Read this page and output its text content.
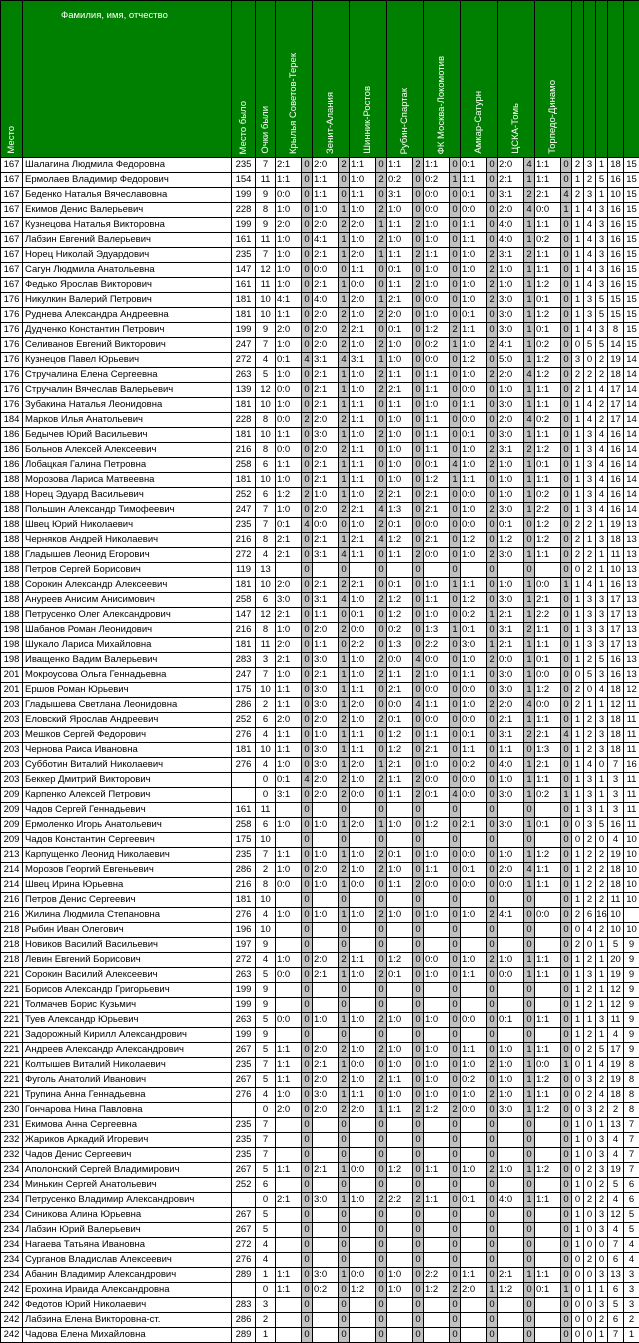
Место	Фамилия, имя, отчество	Место было	Очки были	Крылья Советов-Терек		Зенит-Алания		Шинник-Ростов		Рубин-Спартак		ФК Москва-Локомотив		Амкар-Сатурн		ЦСКА-Томь		Торпедо-Динамо						

167	Шалагина Людмила Федоровна	235	7	2:1	0	2:0	2	1:1	0	1:1	2	1:1	0	0:1	0	2:0	4	1:1	0	2	3	1	18	15
167	Ермолаев Владимир Федорович	154	11	1:1	0	1:1	0	1:0	2	0:2	0	0:2	1	1:1	0	2:1	1	1:1	0	1	2	5	16	15
167	Беденко Наталья Вячеславовна	199	9	0:0	0	1:1	0	1:1	0	3:1	0	0:0	0	0:1	0	3:1	2	2:1	4	2	3	1	10	15
167	Екимов Денис Валерьевич	228	8	1:0	0	1:0	1	1:0	2	1:0	0	0:0	0	0:0	0	2:0	4	0:0	1	1	4	3	16	15
167	Кузнецова Наталья Викторовна	199	9	2:0	0	2:0	2	2:0	1	1:1	2	1:0	0	1:1	0	4:0	1	1:1	0	1	4	3	16	15
167	Лабзин Евгений Валерьевич	161	11	1:0	0	4:1	1	1:0	2	1:0	0	1:0	0	1:1	0	4:0	1	0:2	0	1	4	3	16	15
167	Норец Николай Эдуардович	235	7	1:0	0	2:1	1	2:0	1	1:1	2	1:1	0	1:0	2	3:1	2	1:1	0	1	4	3	16	15
167	Сагун Людмила Анатольевна	147	12	1:0	0	0:0	0	1:1	0	0:1	0	1:0	0	1:0	2	1:0	1	1:1	0	1	4	3	16	15
167	Федько Ярослав Викторович	161	11	1:0	0	2:1	1	0:0	0	1:1	2	1:0	0	1:0	2	1:0	1	1:2	0	1	4	3	16	15
176	Никулкин Валерий Петрович	181	10	4:1	0	4:0	1	2:0	1	2:1	0	0:0	0	1:0	2	3:0	1	0:1	0	1	3	5	15	15
176	Руднева Александра Андреевна	181	10	1:1	0	2:0	2	1:0	2	2:0	0	1:0	0	0:1	0	3:0	1	1:2	0	1	3	5	15	15
176	Дудченко Константин Петрович	199	9	2:0	0	2:0	2	2:1	0	0:1	0	1:2	2	1:1	0	3:0	1	0:1	0	1	4	3	8	15
176	Селиванов Евгений Викторович	247	7	1:0	0	2:0	2	1:0	2	1:0	0	0:2	1	1:0	2	4:1	1	0:2	0	0	5	5	14	15
176	Кузнецов Павел Юрьевич	272	4	0:1	4	3:1	4	3:1	1	1:0	0	0:0	0	1:2	0	5:0	1	1:2	0	3	0	2	19	14
176	Стручалина Елена Сергеевна	263	5	1:0	0	2:1	1	1:0	2	1:1	0	1:1	0	1:0	2	2:0	4	1:2	0	2	2	2	18	14
176	Стручалин Вячеслав Валерьевич	139	12	0:0	0	2:1	1	1:0	2	2:1	0	1:1	0	0:0	0	1:0	1	1:1	0	2	1	4	17	14
176	Зубакина Наталья Леонидовна	181	10	1:0	0	2:1	1	1:1	0	1:1	0	1:0	0	1:1	0	3:0	1	1:1	0	1	4	2	17	14
184	Марков Илья Анатольевич	228	8	0:0	2	2:0	2	1:1	0	1:0	0	1:1	0	0:0	0	2:0	4	0:2	0	1	4	2	17	14
186	Бедычев Юрий Васильевич	181	10	1:1	0	3:0	1	1:0	2	1:0	0	1:1	0	0:1	0	3:0	1	1:1	0	1	3	4	16	14
186	Больнов Алексей Алексеевич	216	8	0:0	0	2:0	2	1:1	0	1:0	0	1:1	0	1:0	2	3:1	2	1:2	0	1	3	4	16	14
186	Лобацкая Галина Петровна	258	6	1:1	0	2:1	1	1:1	0	1:0	0	0:1	4	1:0	2	1:0	1	0:1	0	1	3	4	16	14
188	Морозова Лариса Матвеевна	181	10	1:0	0	2:1	1	1:1	0	1:0	0	1:2	1	1:1	0	1:0	1	1:1	0	1	3	4	16	14
188	Норец Эдуард Васильевич	252	6	1:2	2	1:0	1	1:0	2	2:1	0	2:1	0	0:0	0	1:0	1	0:2	0	1	3	4	16	14
188	Польшин Александр Тимофеевич	247	7	1:0	0	2:0	2	2:1	4	1:3	0	2:1	0	1:0	2	3:0	1	2:2	0	1	3	4	16	14
188	Швец Юрий Николаевич	235	7	0:1	4	0:0	0	1:0	2	0:1	0	0:0	0	0:0	0	0:1	0	1:2	0	2	2	1	19	13
188	Черняков Андрей Николаевич	216	8	2:1	0	2:1	1	2:1	4	1:2	0	2:1	0	1:2	0	1:2	0	1:2	0	2	1	3	18	13
188	Гладышев Леонид Егорович	272	4	2:1	0	3:1	4	1:1	0	1:1	2	0:0	0	1:0	2	3:0	1	1:1	0	2	2	1	11	13
188	Петров Сергей Борисович	119	13		0		0		0		0		0		0		0		0	0	2	1	10	13
188	Сорокин Александр Алексеевич	181	10	2:0	0	2:1	2	2:1	0	0:1	0	1:0	1	1:1	0	1:0	1	0:0	1	1	4	1	16	13
188	Ануреев Анисим Анисимович	258	6	3:0	0	3:1	4	1:0	2	1:2	0	1:1	0	1:2	0	3:0	1	2:1	0	1	3	3	17	13
188	Петрусенко Олег Александрович	147	12	2:1	0	1:1	0	0:1	0	1:2	0	1:0	0	0:2	1	2:1	1	2:2	0	1	3	3	17	13
198	Шабанов Роман Леонидович	216	8	1:0	0	2:0	2	0:0	0	0:2	0	1:3	1	0:1	0	3:1	2	1:1	0	1	3	3	17	13
198	Шукало Лариса Михайловна	181	11	2:0	0	1:1	0	2:2	0	1:3	0	2:2	0	3:0	1	2:1	1	1:1	0	1	3	3	17	13
198	Иващенко Вадим Валерьевич	283	3	2:1	0	3:0	1	1:0	2	0:0	4	0:0	0	1:0	2	0:0	1	0:1	0	1	2	5	16	13
201	Мокроусова Ольга Геннадьевна	247	7	1:0	0	2:1	1	1:0	2	1:1	2	1:0	0	1:1	0	3:0	1	0:0	0	0	5	3	16	13
201	Ершов Роман Юрьевич	175	10	1:1	0	3:0	1	1:1	0	2:1	0	0:0	0	0:0	0	3:0	1	1:2	0	2	0	4	18	12
203	Гладышева Светлана Леонидовна	286	2	1:1	0	3:0	1	2:0	0	0:0	4	1:1	0	1:0	2	2:0	4	0:0	0	2	1	1	12	11
203	Еловский Ярослав Андреевич	252	6	2:0	0	2:0	2	1:0	2	0:1	0	0:0	0	0:0	0	2:1	1	1:1	0	1	2	3	18	11
203	Мешков Сергей Федорович	276	4	1:1	0	1:0	1	1:1	0	1:2	0	1:1	0	0:1	0	3:1	2	2:1	4	1	2	3	18	11
203	Чернова Раиса Ивановна	181	10	1:1	0	3:0	1	1:1	0	1:2	0	2:1	0	1:1	0	1:1	0	1:3	0	1	2	3	18	11
203	Субботин Виталий Николаевич	276	4	1:0	0	3:0	1	2:0	1	2:1	0	1:0	0	0:2	0	4:0	1	2:1	0	1	4	0	7	16
203	Беккер Дмитрий Викторович		0	0:1	4	2:0	2	1:0	2	1:1	2	0:0	0	0:0	0	1:0	1	1:1	0	1	3	1	3	11
209	Карпенко Алексей Петрович		0	3:1	0	2:0	2	0:0	0	1:1	2	0:1	4	0:0	0	3:0	1	0:2	1	1	3	1	3	11
209	Чадов Сергей Геннадьевич	161	11		0		0		0		0		0		0		0		0	1	3	1	3	11
209	Ермоленко Игорь Анатольевич	258	6	1:0	0	1:0	1	2:0	1	1:0	0	1:2	0	2:1	0	3:0	1	0:1	0	0	3	5	16	11
209	Чадов Константин Сергеевич	175	10		0		0		0		0		0		0		0		0	0	2	0	4	10
213	Карпущенко Леонид Николаевич	235	7	1:1	0	1:0	1	1:0	2	0:1	0	1:0	0	0:0	0	1:0	1	1:2	0	1	2	2	19	10
214	Морозов Георгий Евгеньевич	286	2	1:0	0	2:0	2	1:0	2	1:0	0	1:1	0	0:1	0	2:0	4	1:1	0	1	2	2	18	10
214	Швец Ирина Юрьевна	216	8	0:0	0	1:0	1	0:0	0	1:1	2	0:0	0	0:0	0	0:0	1	1:1	0	1	2	2	18	10
216	Петров Денис Сергеевич	181	10		0		0		0		0		0		0		0		0	1	2	2	11	10
216	Жилина Людмила Степановна	276	4	1:0	0	1:0	1	1:0	2	1:0	0	1:0	0	1:0	2	4:1	0	0:0	0	2	6	16	10	
218	Рыбин Иван Олегович	196	10		0		0		0		0		0		0		0		0	0	4	2	10	10
218	Новиков Василий Васильевич	197	9		0		0		0		0		0		0		0		0	2	0	1	5	9
218	Левин Евгений Борисович	272	4	1:0	0	2:0	2	1:1	0	1:2	0	0:0	0	1:0	2	1:0	1	1:1	0	1	2	1	20	9
221	Сорокин Василий Алексеевич	263	5	0:0	0	2:1	1	1:0	2	0:1	0	1:0	0	1:1	0	0:0	1	1:1	0	1	3	1	19	9
221	Борисов Александр Григорьевич	199	9		0		0		0		0		0		0		0		0	1	2	1	12	9
221	Толмачев Борис Кузьмич	199	9		0		0		0		0		0		0		0		0	1	2	1	12	9
221	Туев Александр Юрьевич	263	5	0:0	0	1:0	1	1:0	2	1:0	0	1:0	0	0:0	0	0:1	0	1:1	0	1	1	3	11	9
221	Задорожный Кирилл Александрович	199	9		0		0		0		0		0		0		0		0	1	2	1	4	9
221	Андреев Александр Александрович	267	5	1:1	0	2:0	2	1:0	2	1:0	0	1:0	0	1:1	0	1:0	1	1:1	0	0	2	5	17	9
221	Колтышев Виталий Николаевич	235	7	1:1	0	2:1	1	0:0	0	1:0	0	1:0	0	1:0	2	1:0	1	0:0	1	0	1	4	19	8
221	Фуголь Анатолий Иванович	267	5	1:1	0	2:0	2	1:0	2	1:1	0	1:0	0	0:2	0	1:0	1	1:2	0	0	3	2	19	8
221	Трупина Анна Геннадьевна	276	4	1:0	0	3:0	1	1:1	0	1:0	0	1:0	0	1:0	2	1:0	1	1:1	0	0	2	4	18	8
230	Гончарова Нина Павловна		0	2:0	0	2:0	2	2:0	1	1:1	2	1:2	2	0:0	0	3:0	1	1:2	0	0	3	2	2	8
231	Екимова Анна Сергеевна	235	7		0		0		0		0		0		0		0		0	1	0	1	13	7
232	Жариков Аркадий Игоревич	235	7		0		0		0		0		0		0		0		0	1	0	3	4	7
232	Чадов Денис Сергеевич	235	7		0		0		0		0		0		0		0		0	1	0	3	4	7
234	Аполонский Сергей Владимирович	267	5	1:1	0	2:1	1	0:0	0	1:2	0	1:1	0	1:0	2	1:0	1	1:2	0	0	2	3	19	7
234	Минькин Сергей Анатольевич	252	6		0		0		0		0		0		0		0		0	1	0	2	5	6
234	Петрусенко Владимир Александрович		0	2:1	0	3:0	1	1:0	2	2:2	2	1:1	0	0:1	0	4:0	1	1:1	0	0	2	2	4	6
234	Синикова Алина Юрьевна	267	5		0		0		0		0		0		0		0		0	1	0	3	12	5
234	Лабзин Юрий Валерьевич	267	5		0		0		0		0		0		0		0		0	1	0	3	4	5
234	Нагаева Татьяна Ивановна	272	4		0		0		0		0		0		0		0		0	1	0	0	7	4
234	Сурганов Владислав Алексеевич	276	4		0		0		0		0		0		0		0		0	0	2	0	6	4
234	Абанин Владимир Александрович	289	1	1:1	0	3:0	1	0:0	0	1:0	0	2:2	0	1:1	0	2:1	1	1:1	0	0	0	3	13	3
242	Ерохина Ираида Александровна		0	1:1	0	0:2	0	1:2	0	1:0	0	1:2	2	2:0	1	1:2	0	0:1	1	0	1	1	6	3
242	Федотов Юрий Николаевич	283	3		0		0		0		0		0		0		0		0	0	0	3	5	3
242	Лабзина Елена Викторовна-ст.	286	2		0		0		0		0		0		0		0		0	0	0	2	6	2
242	Чадова Елена Михайловна	289	1		0		0		0		0		0		0		0		0	0	0	1	7	1
